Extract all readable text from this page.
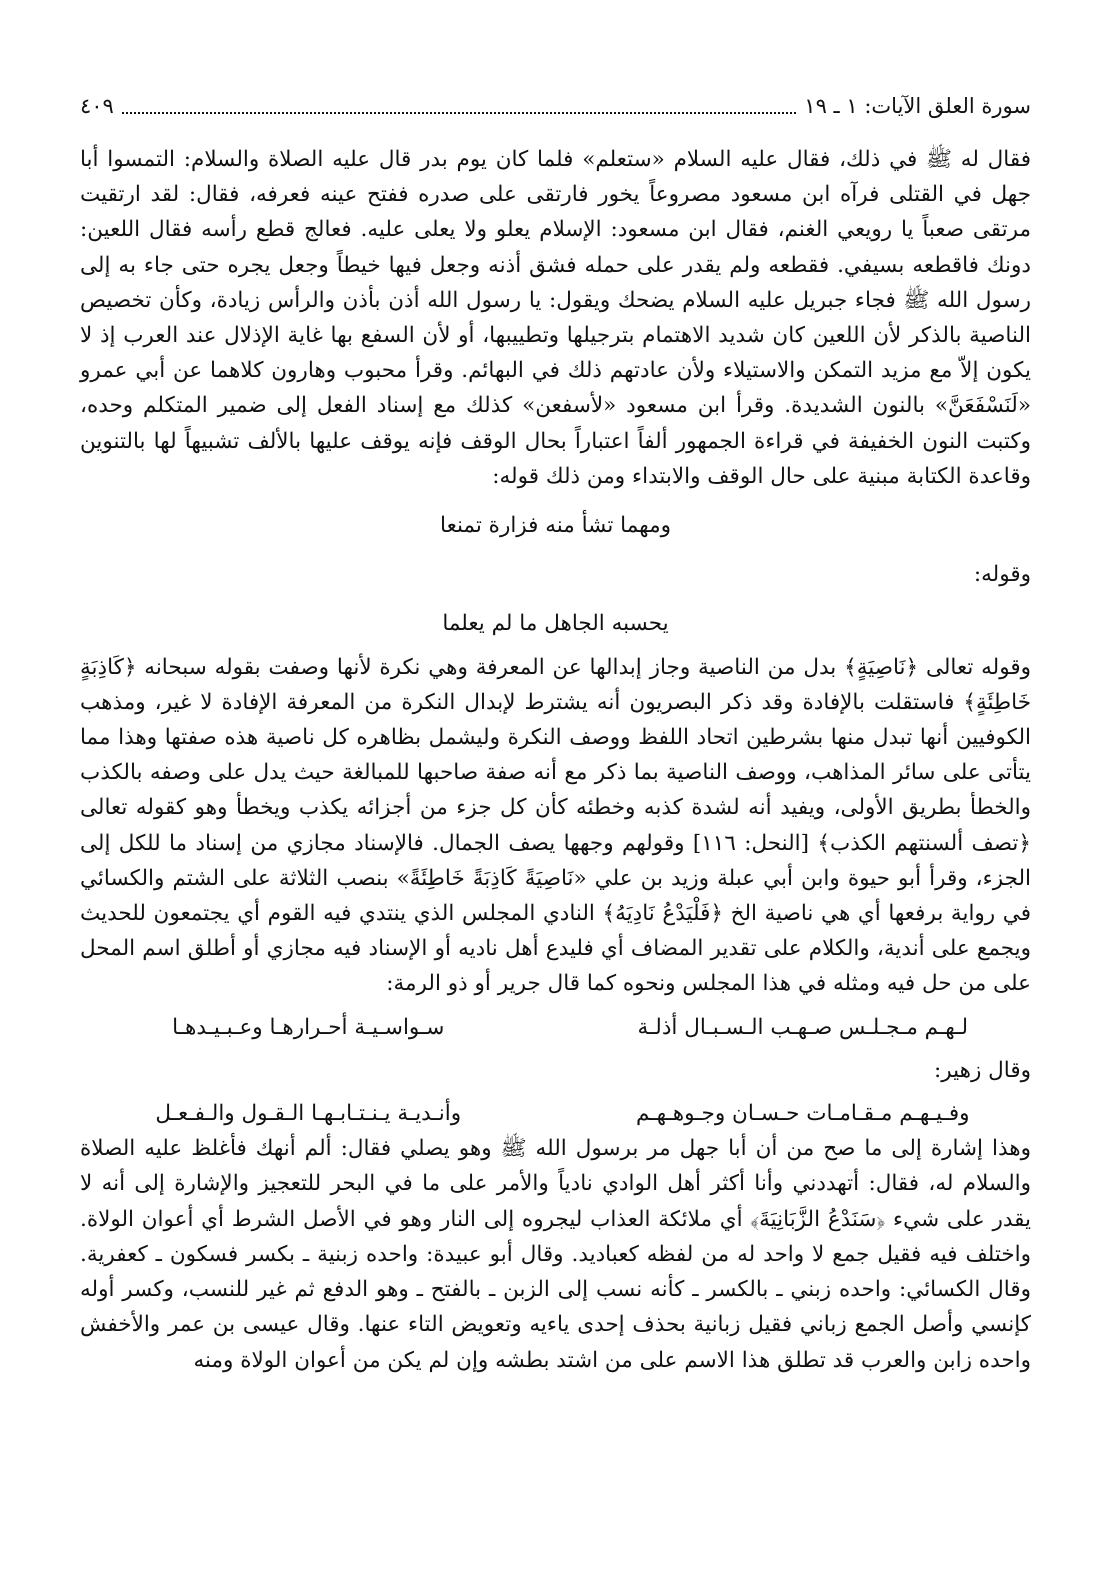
سورة العلق الآيات: ١ ـ ١٩
٤٠٩

فقال له ﷺ في ذلك، فقال عليه السلام «ستعلم» فلما كان يوم بدر قال عليه الصلاة والسلام: التمسوا أبا جهل في القتلى فرآه ابن مسعود مصروعاً يخور فارتقى على صدره ففتح عينه فعرفه، فقال: لقد ارتقيت مرتقى صعباً يا رويعي الغنم، فقال ابن مسعود: الإسلام يعلو ولا يعلى عليه. فعالج قطع رأسه فقال اللعين: دونك فاقطعه بسيفي. فقطعه ولم يقدر على حمله فشق أذنه وجعل فيها خيطاً وجعل يجره حتى جاء به إلى رسول الله ﷺ فجاء جبريل عليه السلام يضحك ويقول: يا رسول الله أذن بأذن والرأس زيادة، وكأن تخصيص الناصية بالذكر لأن اللعين كان شديد الاهتمام بترجيلها وتطييبها، أو لأن السفع بها غاية الإذلال عند العرب إذ لا يكون إلاّ مع مزيد التمكن والاستيلاء ولأن عادتهم ذلك في البهائم. وقرأ محبوب وهارون كلاهما عن أبي عمرو «لَنَسْفَعَنَّ» بالنون الشديدة. وقرأ ابن مسعود «لأسفعن» كذلك مع إسناد الفعل إلى ضمير المتكلم وحده، وكتبت النون الخفيفة في قراءة الجمهور ألفاً اعتباراً بحال الوقف فإنه يوقف عليها بالألف تشبيهاً لها بالتنوين وقاعدة الكتابة مبنية على حال الوقف والابتداء ومن ذلك قوله:

ومهما تشأ منه فزارة تمنعا

وقوله:

يحسبه الجاهل ما لم يعلما

وقوله تعالى ﴿نَاصِيَةٍ﴾ بدل من الناصية وجاز إبدالها عن المعرفة وهي نكرة لأنها وصفت بقوله سبحانه ﴿كَاذِبَةٍ خَاطِئَةٍ﴾ فاستقلت بالإفادة وقد ذكر البصريون أنه يشترط لإبدال النكرة من المعرفة الإفادة لا غير، ومذهب الكوفيين أنها تبدل منها بشرطين اتحاد اللفظ ووصف النكرة وليشمل بظاهره كل ناصية هذه صفتها وهذا مما يتأتى على سائر المذاهب، ووصف الناصية بما ذكر مع أنه صفة صاحبها للمبالغة حيث يدل على وصفه بالكذب والخطأ بطريق الأولى، ويفيد أنه لشدة كذبه وخطئه كأن كل جزء من أجزائه يكذب ويخطأ وهو كقوله تعالى ﴿تصف ألسنتهم الكذب﴾ [النحل: ١١٦] وقولهم وجهها يصف الجمال. فالإسناد مجازي من إسناد ما للكل إلى الجزء، وقرأ أبو حيوة وابن أبي عبلة وزيد بن علي «نَاصِيَةً كَاذِبَةً خَاطِئَةً» بنصب الثلاثة على الشتم والكسائي في رواية برفعها أي هي ناصية الخ ﴿فَلْيَدْعُ نَادِيَهُ﴾ النادي المجلس الذي ينتدي فيه القوم أي يجتمعون للحديث ويجمع على أندية، والكلام على تقدير المضاف أي فليدع أهل ناديه أو الإسناد فيه مجازي أو أطلق اسم المحل على من حل فيه ومثله في هذا المجلس ونحوه كما قال جرير أو ذو الرمة:

لـهـم مـجـلـس صـهـب الـسـبـال أذلـة
سـواسـيـة أحـرارهـا وعـبـيـدهـا

وقال زهير:

وفـيـهـم مـقـامـات حـسـان وجـوهـهـم
وأنـديـة يـنـتـابـهـا الـقـول والـفـعـل

وهذا إشارة إلى ما صح من أن أبا جهل مر برسول الله ﷺ وهو يصلي فقال: ألم أنهك فأغلظ عليه الصلاة والسلام له، فقال: أتهددني وأنا أكثر أهل الوادي نادياً والأمر على ما في البحر للتعجيز والإشارة إلى أنه لا يقدر على شيء ﴿سَنَدْعُ الزَّبَانِيَةَ﴾ أي ملائكة العذاب ليجروه إلى النار وهو في الأصل الشرط أي أعوان الولاة. واختلف فيه فقيل جمع لا واحد له من لفظه كعباديد. وقال أبو عبيدة: واحده زبنية ـ بكسر فسكون ـ كعفرية. وقال الكسائي: واحده زبني ـ بالكسر ـ كأنه نسب إلى الزبن ـ بالفتح ـ وهو الدفع ثم غير للنسب، وكسر أوله كإنسي وأصل الجمع زباني فقيل زبانية بحذف إحدى ياءيه وتعويض التاء عنها. وقال عيسى بن عمر والأخفش واحده زابن والعرب قد تطلق هذا الاسم على من اشتد بطشه وإن لم يكن من أعوان الولاة ومنه
